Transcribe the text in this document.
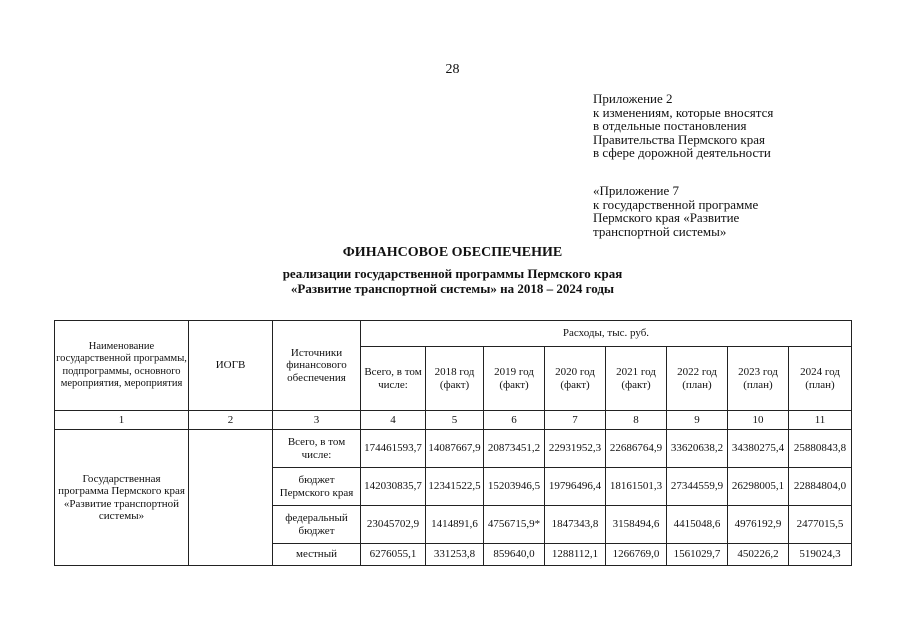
28
Приложение 2
к изменениям, которые вносятся
в отдельные постановления
Правительства Пермского края
в сфере дорожной деятельности
«Приложение 7
к государственной программе
Пермского края «Развитие
транспортной системы»
ФИНАНСОВОЕ ОБЕСПЕЧЕНИЕ
реализации государственной программы Пермского края
«Развитие транспортной системы» на 2018 – 2024 годы
Наименование государственной программы, подпрограммы, основного мероприятия, мероприятия	ИОГВ	Источники финансового обеспечения	Расходы, тыс. руб.							
			Всего, в том числе:	2018 год (факт)	2019 год (факт)	2020 год (факт)	2021 год (факт)	2022 год (план)	2023 год (план)	2024 год (план)
1	2	3	4	5	6	7	8	9	10	11
Государственная программа Пермского края «Развитие транспортной системы»		Всего, в том числе:	174461593,7	14087667,9	20873451,2	22931952,3	22686764,9	33620638,2	34380275,4	25880843,8
		бюджет Пермского края	142030835,7	12341522,5	15203946,5	19796496,4	18161501,3	27344559,9	26298005,1	22884804,0
		федеральный бюджет	23045702,9	1414891,6	4756715,9*	1847343,8	3158494,6	4415048,6	4976192,9	2477015,5
		местный	6276055,1	331253,8	859640,0	1288112,1	1266769,0	1561029,7	450226,2	519024,3
